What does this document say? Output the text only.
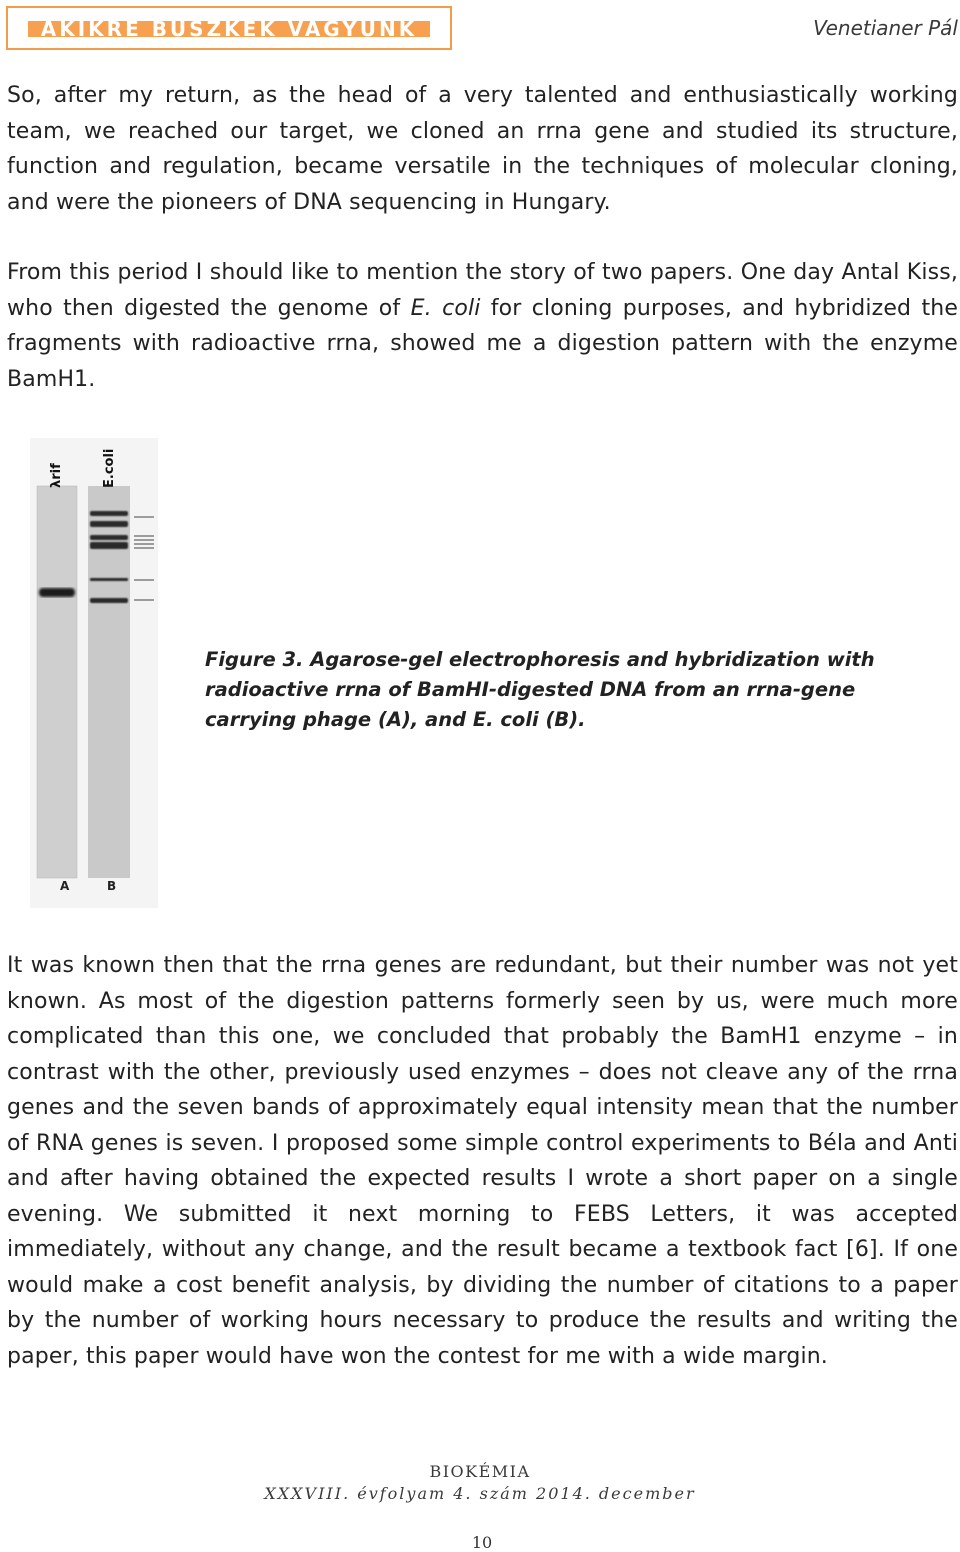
AKIKRE BÜSZKÉK VAGYUNK	Venetianer Pál

So, after my return, as the head of a very talented and enthusiastically working team, we reached our target, we cloned an rrna gene and studied its structure, function and regulation, became versatile in the techniques of molecular cloning, and were the pioneers of DNA sequencing in Hungary.

From this period I should like to mention the story of two papers. One day Antal Kiss, who then digested the genome of E. coli for cloning purposes, and hybridized the fragments with radioactive rrna, showed me a digestion pattern with the enzyme BamH1.

λrif	E.coli
A	B

Figure 3. Agarose-gel electrophoresis and hybridization with radioactive rrna of BamHI-digested DNA from an rrna-gene carrying phage (A), and E. coli (B).

It was known then that the rrna genes are redundant, but their number was not yet known. As most of the digestion patterns formerly seen by us, were much more complicated than this one, we concluded that probably the BamH1 enzyme – in contrast with the other, previously used enzymes – does not cleave any of the rrna genes and the seven bands of approximately equal intensity mean that the number of RNA genes is seven. I proposed some simple control experiments to Béla and Anti and after having obtained the expected results I wrote a short paper on a single evening. We submitted it next morning to FEBS Letters, it was accepted immediately, without any change, and the result became a textbook fact [6]. If one would make a cost benefit analysis, by dividing the number of citations to a paper by the number of working hours necessary to produce the results and writing the paper, this paper would have won the contest for me with a wide margin.

BIOKÉMIA
XXXVIII. évfolyam 4. szám 2014. december
10
